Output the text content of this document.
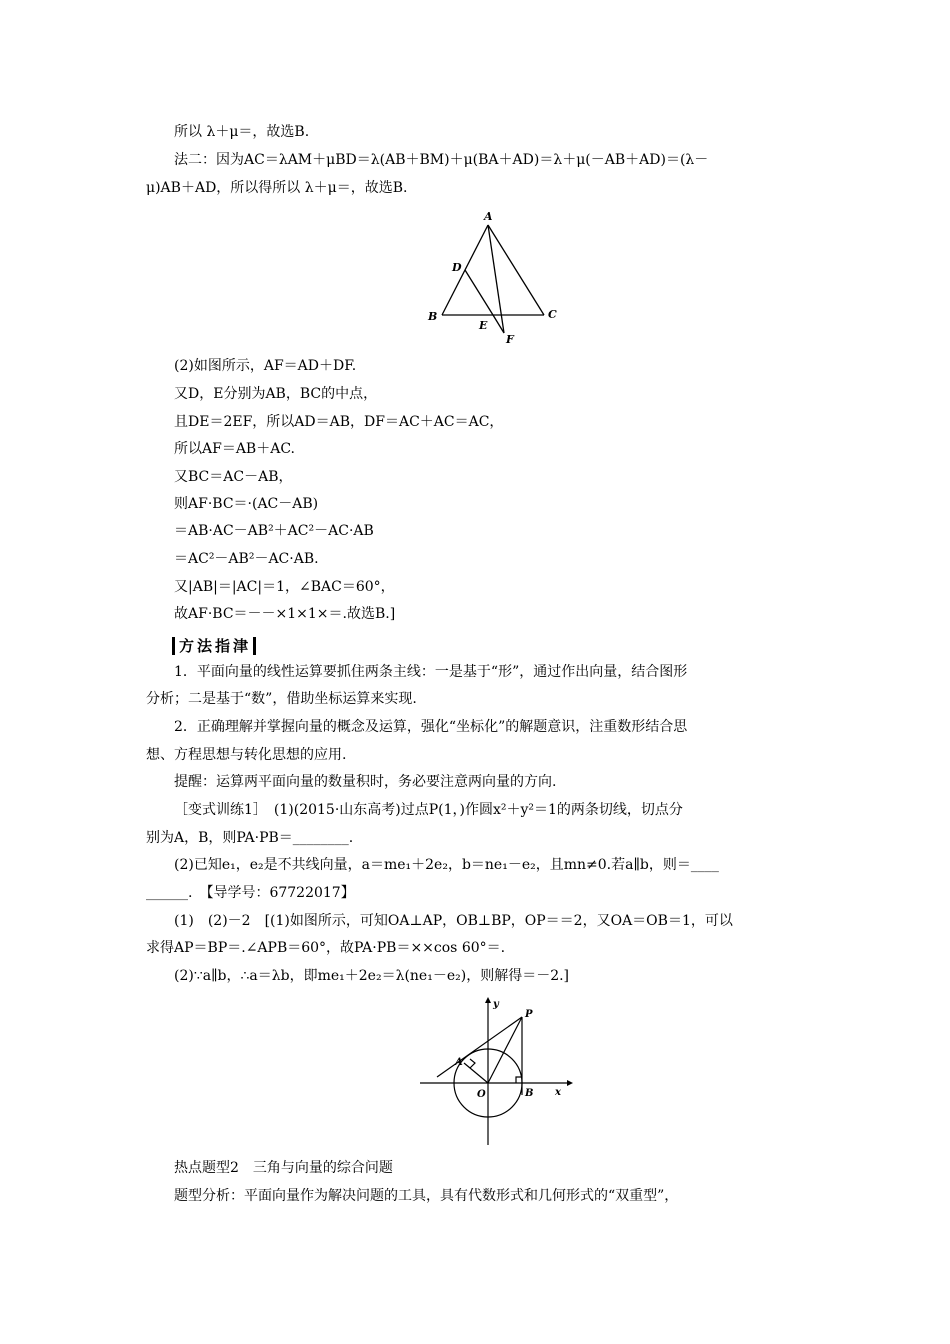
所以 λ＋μ＝，故选B.
法二：因为AC＝λAM＋μBD＝λ(AB＋BM)＋μ(BA＋AD)＝λ＋μ(－AB＋AD)＝(λ－
μ)AB＋AD，所以得所以 λ＋μ＝，故选B.
A
D
B	C
E
F
(2)如图所示，AF＝AD＋DF.
又D，E分别为AB，BC的中点，
且DE＝2EF，所以AD＝AB，DF＝AC＋AC＝AC，
所以AF＝AB＋AC.
又BC＝AC－AB，
则AF·BC＝·(AC－AB)
＝AB·AC－AB²＋AC²－AC·AB
＝AC²－AB²－AC·AB.
又|AB|＝|AC|＝1，∠BAC＝60°，
故AF·BC＝－－×1×1×＝.故选B.]
方法指津
1．平面向量的线性运算要抓住两条主线：一是基于“形”，通过作出向量，结合图形
分析；二是基于“数”，借助坐标运算来实现.
2．正确理解并掌握向量的概念及运算，强化“坐标化”的解题意识，注重数形结合思
想、方程思想与转化思想的应用.
提醒：运算两平面向量的数量积时，务必要注意两向量的方向.
［变式训练1］　(1)(2015·山东高考)过点P(1，)作圆x²＋y²＝1的两条切线，切点分
别为A，B，则PA·PB＝________.
(2)已知e₁，e₂是不共线向量，a＝me₁＋2e₂，b＝ne₁－e₂，且mn≠0.若a∥b，则＝____
______.　【导学号：67722017】
(1)　(2)－2　[(1)如图所示，可知OA⊥AP，OB⊥BP，OP＝＝2，又OA＝OB＝1，可以
求得AP＝BP＝.∠APB＝60°，故PA·PB＝××cos 60°＝.
(2)∵a∥b，∴a＝λb，即me₁＋2e₂＝λ(ne₁－e₂)，则解得＝－2.]
P
A
O	B x
y
热点题型2　三角与向量的综合问题
题型分析：平面向量作为解决问题的工具，具有代数形式和几何形式的“双重型”，
